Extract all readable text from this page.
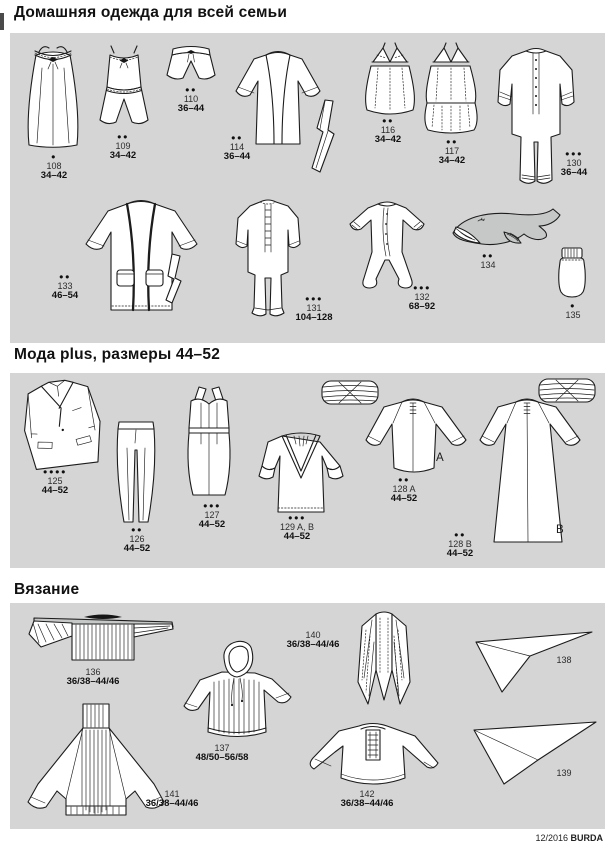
Домашняя одежда для всей семьи
Мода plus, размеры 44–52
Вязание
●
108
34–42
●●
109
34–42
●●
110
36–44
●●
114
36–44
●●
116
34–42	●●
117
34–42
●●●
130
36–44
●●
133
46–54	●●●
131
104–128
●●●
132
68–92
●●
134
●
135
A
B
●●●●
125
44–52
●●
126
44–52
●●●
127
44–52
●●●
129 A, B
44–52
●●
128 A
44–52
●●
128 B
44–52
136
36/38–44/46
137
48/50–56/58
140
36/38–44/46
138
141
36/38–44/46
142
36/38–44/46
139
12/2016 BURDA
